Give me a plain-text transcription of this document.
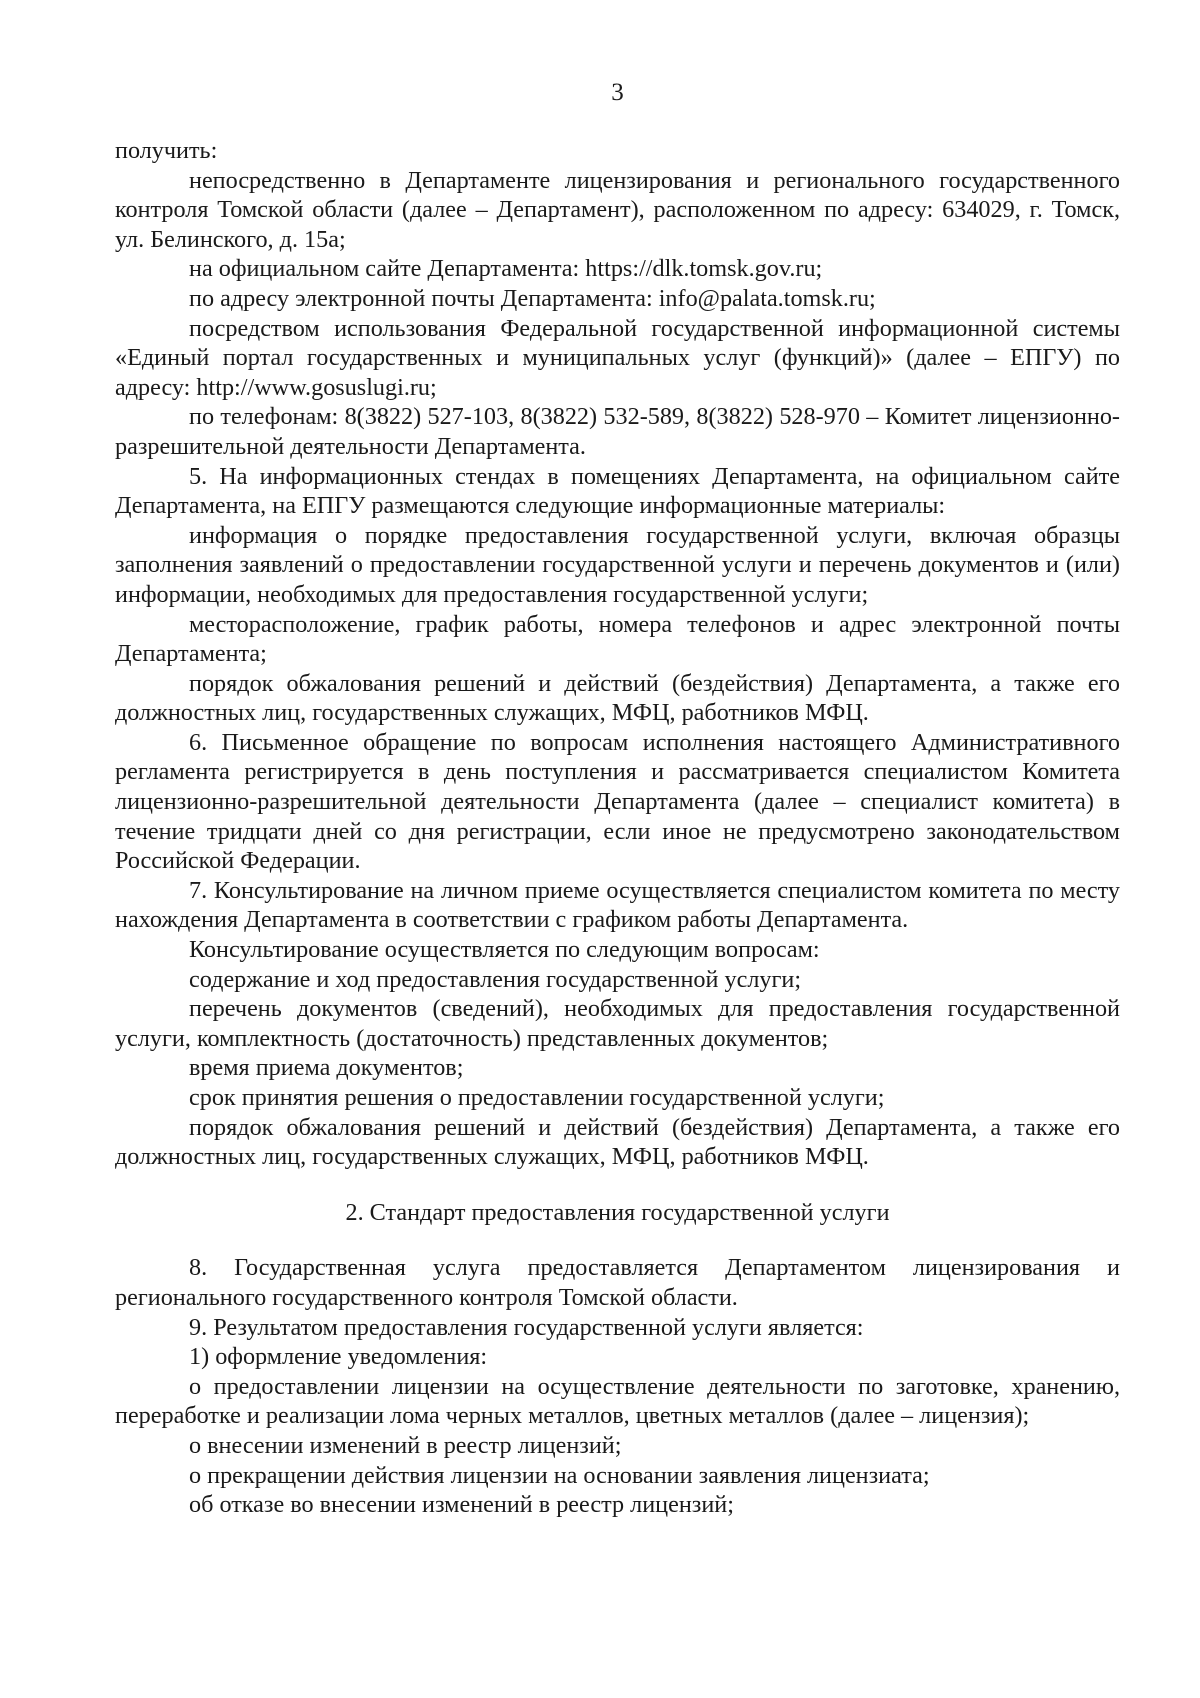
3

получить:

непосредственно в Департаменте лицензирования и регионального государственного контроля Томской области (далее – Департамент), расположенном по адресу: 634029, г. Томск, ул. Белинского, д. 15а;

на официальном сайте Департамента: https://dlk.tomsk.gov.ru;

по адресу электронной почты Департамента: info@palata.tomsk.ru;

посредством использования Федеральной государственной информационной системы «Единый портал государственных и муниципальных услуг (функций)» (далее – ЕПГУ) по адресу: http://www.gosuslugi.ru;

по телефонам: 8(3822) 527-103, 8(3822) 532-589, 8(3822) 528-970 – Комитет лицензионно-разрешительной деятельности Департамента.

5. На информационных стендах в помещениях Департамента, на официальном сайте Департамента, на ЕПГУ размещаются следующие информационные материалы:

информация о порядке предоставления государственной услуги, включая образцы заполнения заявлений о предоставлении государственной услуги и перечень документов и (или) информации, необходимых для предоставления государственной услуги;

месторасположение, график работы, номера телефонов и адрес электронной почты Департамента;

порядок обжалования решений и действий (бездействия) Департамента, а также его должностных лиц, государственных служащих, МФЦ, работников МФЦ.

6. Письменное обращение по вопросам исполнения настоящего Административного регламента регистрируется в день поступления и рассматривается специалистом Комитета лицензионно-разрешительной деятельности Департамента (далее – специалист комитета) в течение тридцати дней со дня регистрации, если иное не предусмотрено законодательством Российской Федерации.

7. Консультирование на личном приеме осуществляется специалистом комитета по месту нахождения Департамента в соответствии с графиком работы Департамента.

Консультирование осуществляется по следующим вопросам:

содержание и ход предоставления государственной услуги;

перечень документов (сведений), необходимых для предоставления государственной услуги, комплектность (достаточность) представленных документов;

время приема документов;

срок принятия решения о предоставлении государственной услуги;

порядок обжалования решений и действий (бездействия) Департамента, а также его должностных лиц, государственных служащих, МФЦ, работников МФЦ.

2. Стандарт предоставления государственной услуги

8. Государственная услуга предоставляется Департаментом лицензирования и регионального государственного контроля Томской области.

9. Результатом предоставления государственной услуги является:

1) оформление уведомления:

о предоставлении лицензии на осуществление деятельности по заготовке, хранению, переработке и реализации лома черных металлов, цветных металлов (далее – лицензия);

о внесении изменений в реестр лицензий;

о прекращении действия лицензии на основании заявления лицензиата;

об отказе во внесении изменений в реестр лицензий;
